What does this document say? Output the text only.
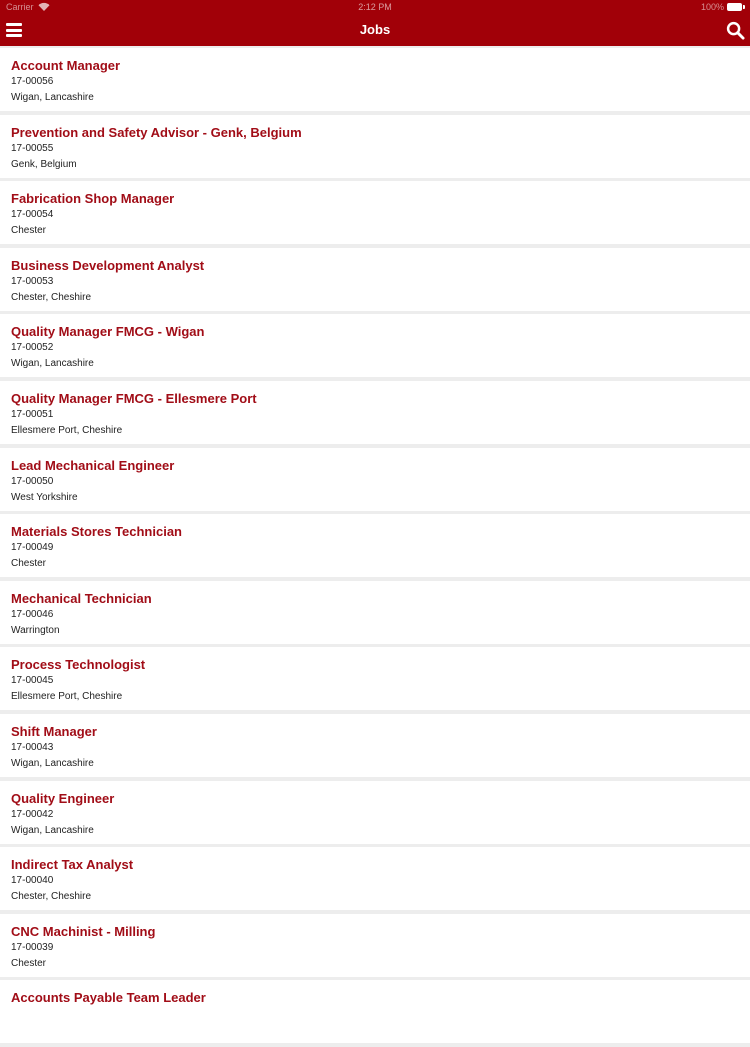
Carrier	2:12 PM	100%
Jobs
Account Manager
17-00056
Wigan, Lancashire
Prevention and Safety Advisor - Genk, Belgium
17-00055
Genk, Belgium
Fabrication Shop Manager
17-00054
Chester
Business Development Analyst
17-00053
Chester, Cheshire
Quality Manager FMCG - Wigan
17-00052
Wigan, Lancashire
Quality Manager FMCG - Ellesmere Port
17-00051
Ellesmere Port, Cheshire
Lead Mechanical Engineer
17-00050
West Yorkshire
Materials Stores Technician
17-00049
Chester
Mechanical Technician
17-00046
Warrington
Process Technologist
17-00045
Ellesmere Port, Cheshire
Shift Manager
17-00043
Wigan, Lancashire
Quality Engineer
17-00042
Wigan, Lancashire
Indirect Tax Analyst
17-00040
Chester, Cheshire
CNC Machinist - Milling
17-00039
Chester
Accounts Payable Team Leader
